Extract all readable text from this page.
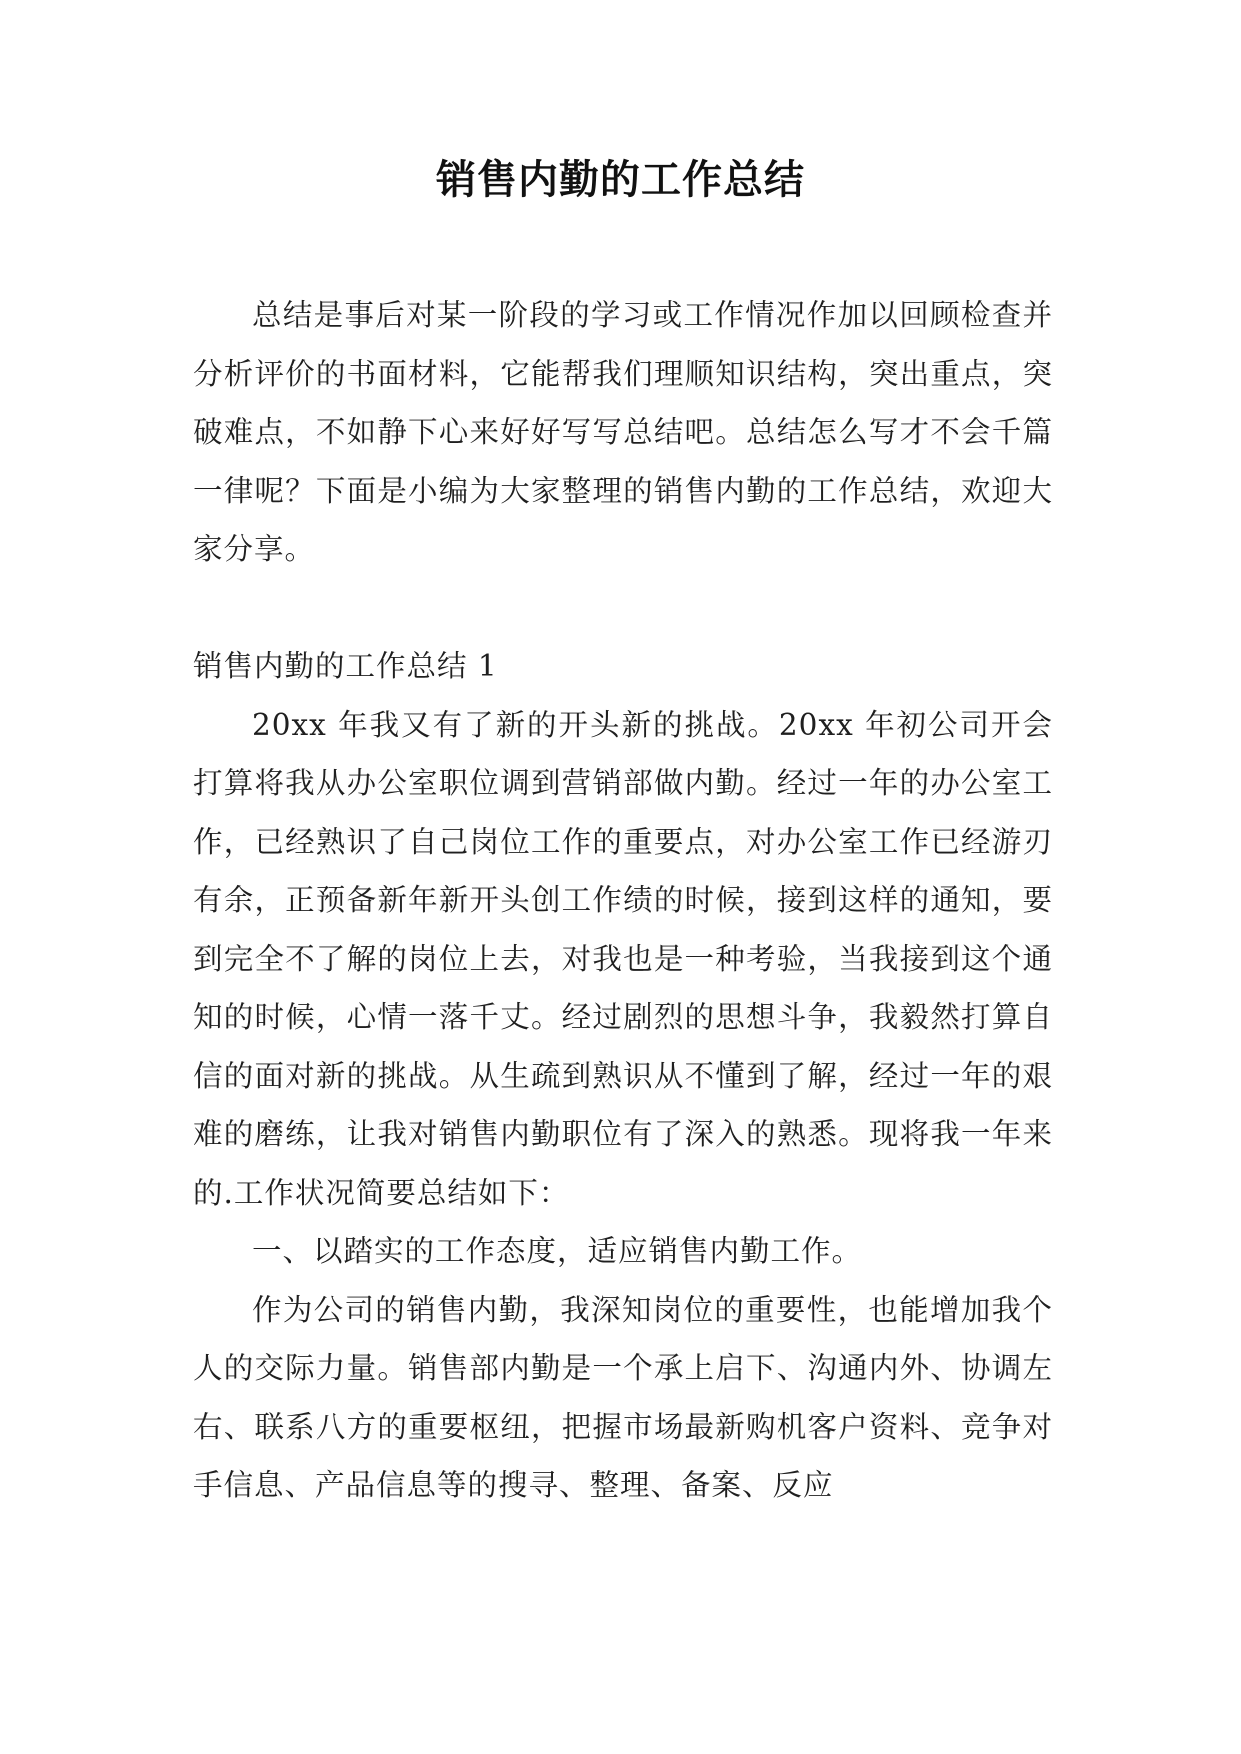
销售内勤的工作总结

总结是事后对某一阶段的学习或工作情况作加以回顾检查并分析评价的书面材料，它能帮我们理顺知识结构，突出重点，突破难点，不如静下心来好好写写总结吧。总结怎么写才不会千篇一律呢？下面是小编为大家整理的销售内勤的工作总结，欢迎大家分享。

销售内勤的工作总结 1

20xx 年我又有了新的开头新的挑战。20xx 年初公司开会打算将我从办公室职位调到营销部做内勤。经过一年的办公室工作，已经熟识了自己岗位工作的重要点，对办公室工作已经游刃有余，正预备新年新开头创工作绩的时候，接到这样的通知，要到完全不了解的岗位上去，对我也是一种考验，当我接到这个通知的时候，心情一落千丈。经过剧烈的思想斗争，我毅然打算自信的面对新的挑战。从生疏到熟识从不懂到了解，经过一年的艰难的磨练，让我对销售内勤职位有了深入的熟悉。现将我一年来的.工作状况简要总结如下：

一、以踏实的工作态度，适应销售内勤工作。

作为公司的销售内勤，我深知岗位的重要性，也能增加我个人的交际力量。销售部内勤是一个承上启下、沟通内外、协调左右、联系八方的重要枢纽，把握市场最新购机客户资料、竞争对手信息、产品信息等的搜寻、整理、备案、反应
